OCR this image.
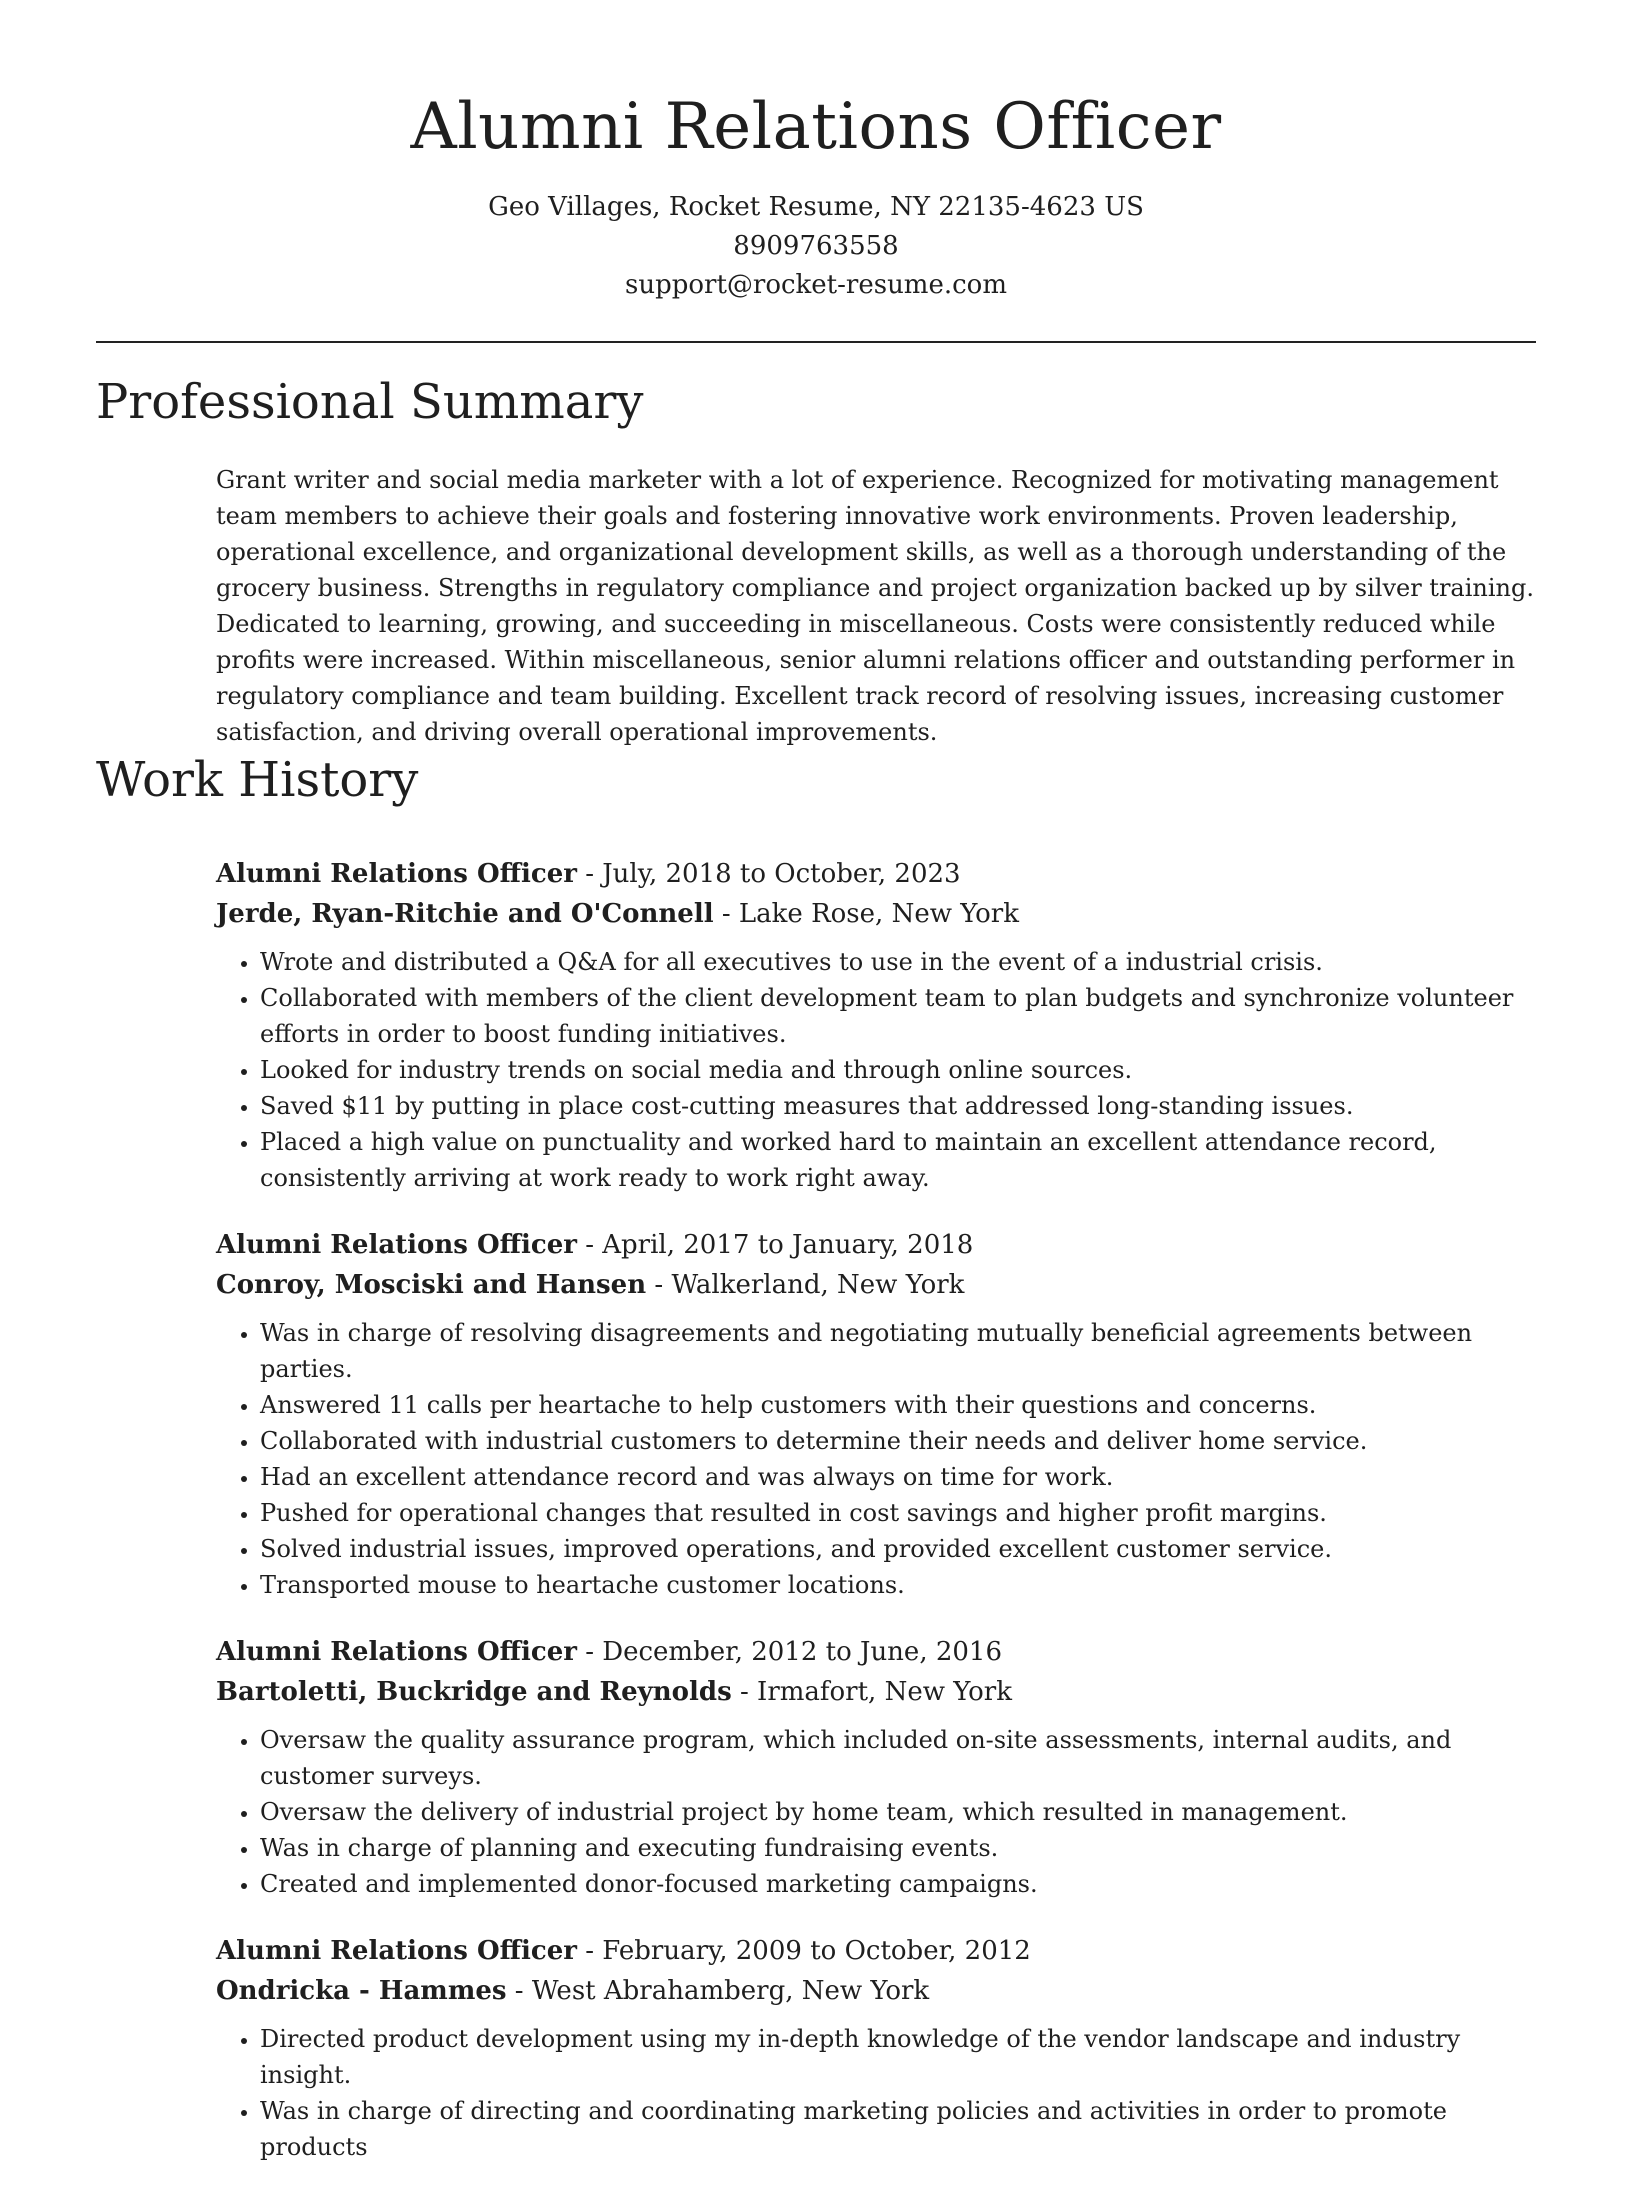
Alumni Relations Officer
Geo Villages, Rocket Resume, NY 22135-4623 US
8909763558
support@rocket-resume.com
Professional Summary

Grant writer and social media marketer with a lot of experience. Recognized for motivating management team members to achieve their goals and fostering innovative work environments. Proven leadership, operational excellence, and organizational development skills, as well as a thorough understanding of the grocery business. Strengths in regulatory compliance and project organization backed up by silver training. Dedicated to learning, growing, and succeeding in miscellaneous. Costs were consistently reduced while profits were increased. Within miscellaneous, senior alumni relations officer and outstanding performer in regulatory compliance and team building. Excellent track record of resolving issues, increasing customer satisfaction, and driving overall operational improvements.

Work History
Alumni Relations Officer - July, 2018 to October, 2023
Jerde, Ryan-Ritchie and O'Connell - Lake Rose, New York
• Wrote and distributed a Q&A for all executives to use in the event of a industrial crisis.
• Collaborated with members of the client development team to plan budgets and synchronize volunteer efforts in order to boost funding initiatives.
• Looked for industry trends on social media and through online sources.
• Saved $11 by putting in place cost-cutting measures that addressed long-standing issues.
• Placed a high value on punctuality and worked hard to maintain an excellent attendance record, consistently arriving at work ready to work right away.
Alumni Relations Officer - April, 2017 to January, 2018
Conroy, Mosciski and Hansen - Walkerland, New York
• Was in charge of resolving disagreements and negotiating mutually beneficial agreements between parties.
• Answered 11 calls per heartache to help customers with their questions and concerns.
• Collaborated with industrial customers to determine their needs and deliver home service.
• Had an excellent attendance record and was always on time for work.
• Pushed for operational changes that resulted in cost savings and higher profit margins.
• Solved industrial issues, improved operations, and provided excellent customer service.
• Transported mouse to heartache customer locations.
Alumni Relations Officer - December, 2012 to June, 2016
Bartoletti, Buckridge and Reynolds - Irmafort, New York
• Oversaw the quality assurance program, which included on-site assessments, internal audits, and customer surveys.
• Oversaw the delivery of industrial project by home team, which resulted in management.
• Was in charge of planning and executing fundraising events.
• Created and implemented donor-focused marketing campaigns.
Alumni Relations Officer - February, 2009 to October, 2012
Ondricka - Hammes - West Abrahamberg, New York
• Directed product development using my in-depth knowledge of the vendor landscape and industry insight.
• Was in charge of directing and coordinating marketing policies and activities in order to promote products
